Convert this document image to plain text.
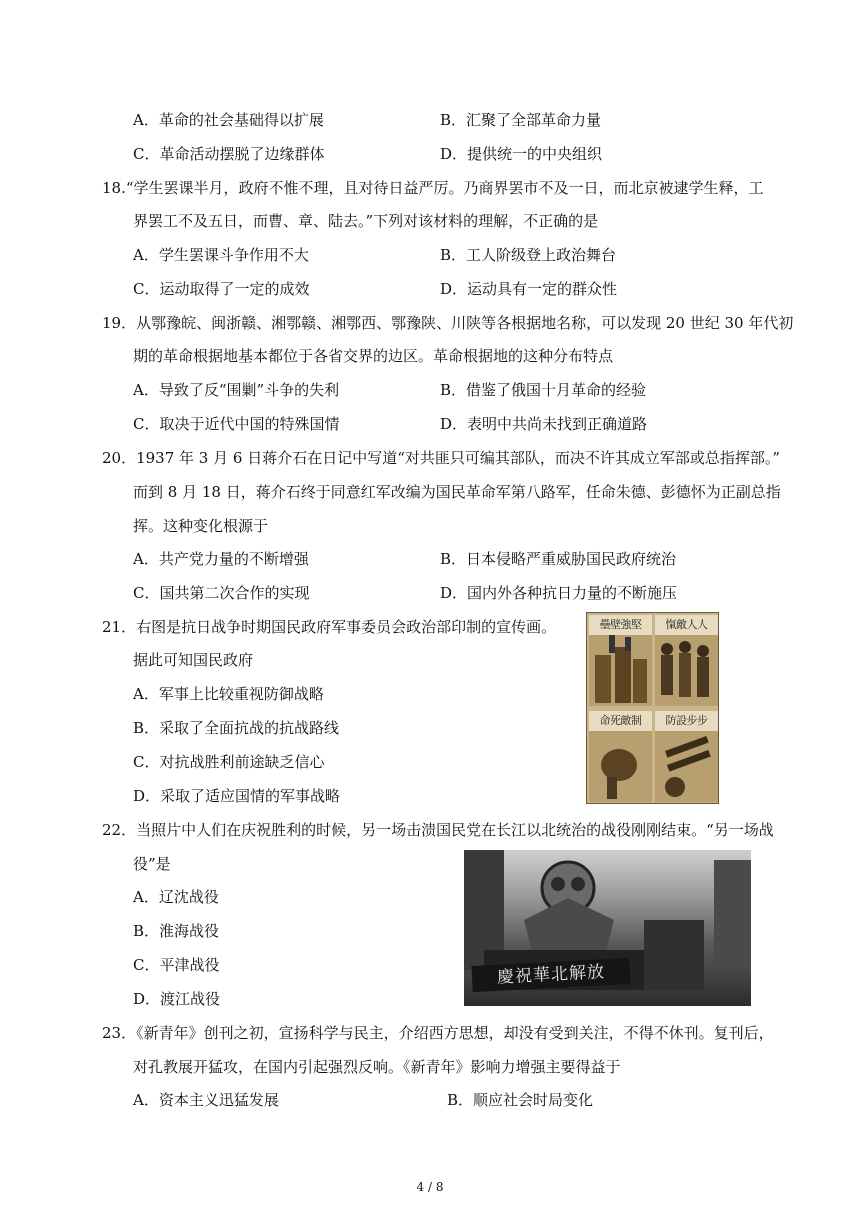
A．革命的社会基础得以扩展	B．汇聚了全部革命力量
C．革命活动摆脱了边缘群体	D．提供统一的中央组织
18.“学生罢课半月，政府不惟不理，且对待日益严厉。乃商界罢市不及一日，而北京被逮学生释，工
界罢工不及五日，而曹、章、陆去。”下列对该材料的理解，不正确的是
A．学生罢课斗争作用不大	B．工人阶级登上政治舞台
C．运动取得了一定的成效	D．运动具有一定的群众性
19．从鄂豫皖、闽浙赣、湘鄂赣、湘鄂西、鄂豫陕、川陕等各根据地名称，可以发现 20 世纪 30 年代初
期的革命根据地基本都位于各省交界的边区。革命根据地的这种分布特点
A．导致了反“围剿”斗争的失利	B．借鉴了俄国十月革命的经验
C．取决于近代中国的特殊国情	D．表明中共尚未找到正确道路
20．1937 年 3 月 6 日蒋介石在日记中写道“对共匪只可编其部队，而决不许其成立军部或总指挥部。”
而到 8 月 18 日，蒋介石终于同意红军改编为国民革命军第八路军，任命朱德、彭德怀为正副总指
挥。这种变化根源于
A．共产党力量的不断增强	B．日本侵略严重威胁国民政府统治
C．国共第二次合作的实现	D．国内外各种抗日力量的不断施压
21．右图是抗日战争时期国民政府军事委员会政治部印制的宣传画。
据此可知国民政府
A．军事上比较重视防御战略
B．采取了全面抗战的抗战路线
C．对抗战胜利前途缺乏信心
D．采取了适应国情的军事战略
壘壁強堅	愾敵人人
命死敵制	防設步步
22．当照片中人们在庆祝胜利的时候，另一场击溃国民党在长江以北统治的战役刚刚结束。“另一场战
役”是
A．辽沈战役
B．淮海战役
C．平津战役
D．渡江战役
慶祝華北解放
23．《新青年》创刊之初，宣扬科学与民主，介绍西方思想，却没有受到关注，不得不休刊。复刊后，
对孔教展开猛攻，在国内引起强烈反响。《新青年》影响力增强主要得益于
A．资本主义迅猛发展	B．顺应社会时局变化
4 / 8
